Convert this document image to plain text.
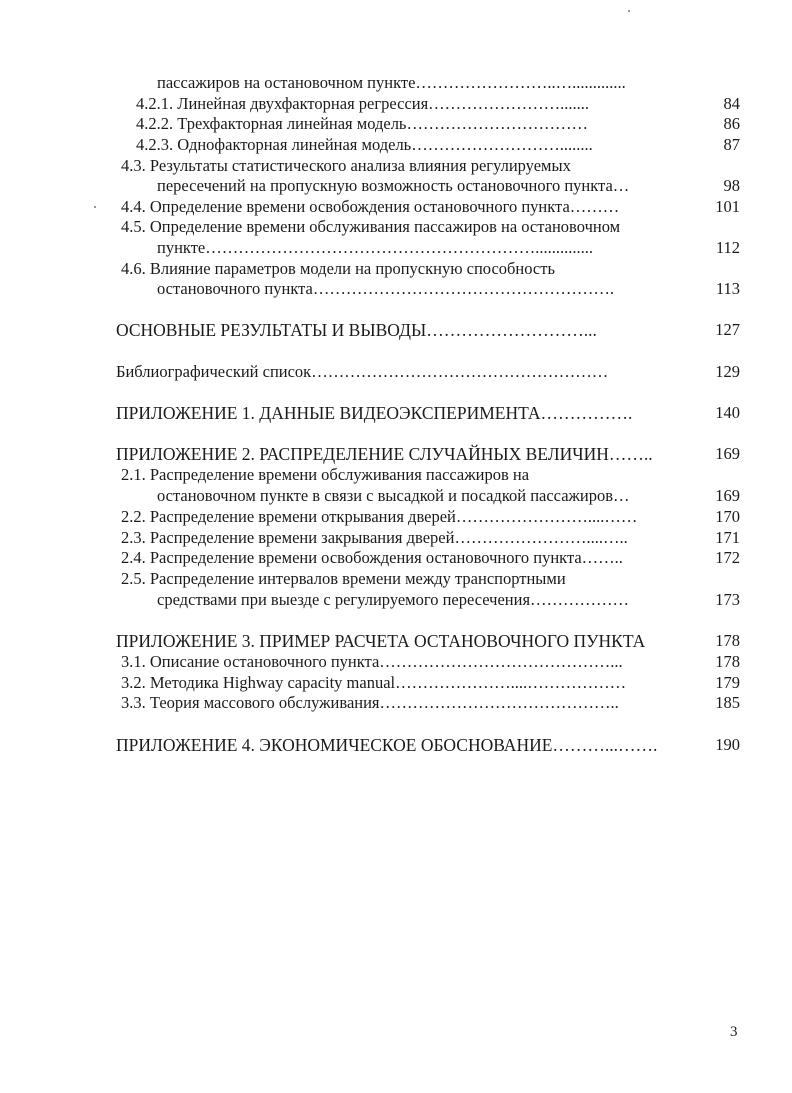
пассажиров на остановочном пункте……………………..….............
4.2.1. Линейная двухфакторная регрессия…………………….......	84
4.2.2. Трехфакторная линейная модель……………………………	86
4.2.3. Однофакторная линейная модель………………………........	87
4.3. Результаты статистического анализа влияния регулируемых
пересечений на пропускную возможность остановочного пункта…	98
4.4. Определение времени освобождения остановочного пункта………	101
4.5. Определение времени обслуживания пассажиров на остановочном
пункте……………………………………………………..............	112
4.6. Влияние параметров модели на пропускную способность
остановочного пункта……………………………………………….	113
ОСНОВНЫЕ РЕЗУЛЬТАТЫ И ВЫВОДЫ………………………...	127
Библиографический список………………………………………………	129
ПРИЛОЖЕНИЕ 1. ДАННЫЕ ВИДЕОЭКСПЕРИМЕНТА…………….	140
ПРИЛОЖЕНИЕ 2. РАСПРЕДЕЛЕНИЕ СЛУЧАЙНЫХ ВЕЛИЧИН……..	169
2.1. Распределение времени обслуживания пассажиров на
остановочном пункте в связи с высадкой и посадкой пассажиров…	169
2.2. Распределение времени открывания дверей……………………....……	170
2.3. Распределение времени закрывания дверей……………………....…..	171
2.4. Распределение времени освобождения остановочного пункта……..	172
2.5. Распределение интервалов времени между транспортными
средствами при выезде с регулируемого пересечения………………	173
ПРИЛОЖЕНИЕ 3. ПРИМЕР РАСЧЕТА ОСТАНОВОЧНОГО ПУНКТА	178
3.1. Описание остановочного пункта……………………………………...	178
3.2. Методика Highway capacity manual…………………....………………	179
3.3. Теория массового обслуживания……………………………………..	185
ПРИЛОЖЕНИЕ 4. ЭКОНОМИЧЕСКОЕ ОБОСНОВАНИЕ………...…….	190
3
